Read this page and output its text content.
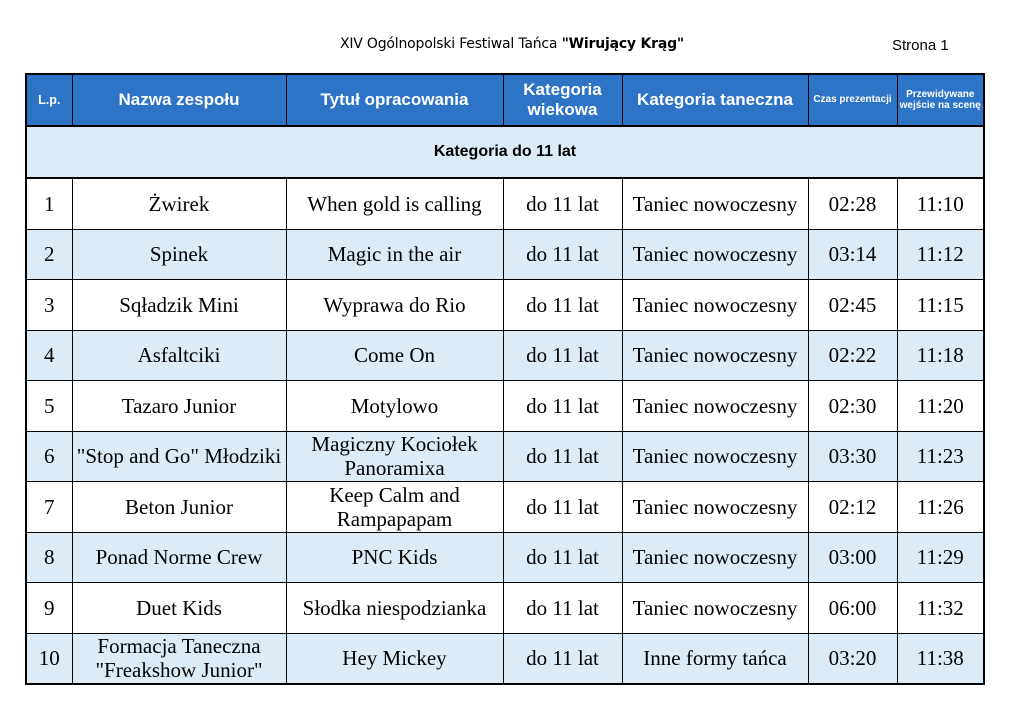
XIV Ogólnopolski Festiwal Tańca "Wirujący Krąg"	Strona 1
L.p.	Nazwa zespołu	Tytuł opracowania	Kategoria wiekowa	Kategoria taneczna	Czas prezentacji	Przewidywane wejście na scenę
Kategoria do 11 lat						
1	Żwirek	When gold is calling	do 11 lat	Taniec nowoczesny	02:28	11:10
2	Spinek	Magic in the air	do 11 lat	Taniec nowoczesny	03:14	11:12
3	Sqładzik Mini	Wyprawa do Rio	do 11 lat	Taniec nowoczesny	02:45	11:15
4	Asfaltciki	Come On	do 11 lat	Taniec nowoczesny	02:22	11:18
5	Tazaro Junior	Motylowo	do 11 lat	Taniec nowoczesny	02:30	11:20
6	"Stop and Go" Młodziki	Magiczny Kociołek Panoramixa	do 11 lat	Taniec nowoczesny	03:30	11:23
7	Beton Junior	Keep Calm and Rampapapam	do 11 lat	Taniec nowoczesny	02:12	11:26
8	Ponad Norme Crew	PNC Kids	do 11 lat	Taniec nowoczesny	03:00	11:29
9	Duet Kids	Słodka niespodzianka	do 11 lat	Taniec nowoczesny	06:00	11:32
10	Formacja Taneczna "Freakshow Junior"	Hey Mickey	do 11 lat	Inne formy tańca	03:20	11:38
